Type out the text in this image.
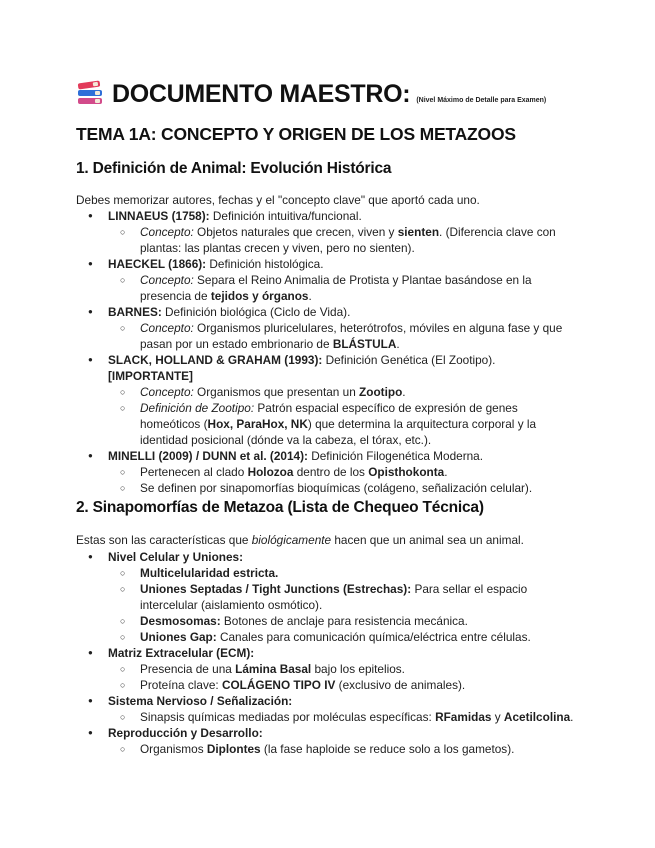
DOCUMENTO MAESTRO: (Nivel Máximo de Detalle para Examen)
TEMA 1A: CONCEPTO Y ORIGEN DE LOS METAZOOS
1. Definición de Animal: Evolución Histórica

Debes memorizar autores, fechas y el "concepto clave" que aportó cada uno.

● LINNAEUS (1758): Definición intuitiva/funcional.
○ Concepto: Objetos naturales que crecen, viven y sienten. (Diferencia clave con plantas: las plantas crecen y viven, pero no sienten).
● HAECKEL (1866): Definición histológica.
○ Concepto: Separa el Reino Animalia de Protista y Plantae basándose en la presencia de tejidos y órganos.
● BARNES: Definición biológica (Ciclo de Vida).
○ Concepto: Organismos pluricelulares, heterótrofos, móviles en alguna fase y que pasan por un estado embrionario de BLÁSTULA.
● SLACK, HOLLAND & GRAHAM (1993): Definición Genética (El Zootipo).
[IMPORTANTE]
○ Concepto: Organismos que presentan un Zootipo.
○ Definición de Zootipo: Patrón espacial específico de expresión de genes homeóticos (Hox, ParaHox, NK) que determina la arquitectura corporal y la identidad posicional (dónde va la cabeza, el tórax, etc.).
● MINELLI (2009) / DUNN et al. (2014): Definición Filogenética Moderna.
○ Pertenecen al clado Holozoa dentro de los Opisthokonta.
○ Se definen por sinapomorfías bioquímicas (colágeno, señalización celular).
2. Sinapomorfías de Metazoa (Lista de Chequeo Técnica)

Estas son las características que biológicamente hacen que un animal sea un animal.

● Nivel Celular y Uniones:
○ Multicelularidad estricta.
○ Uniones Septadas / Tight Junctions (Estrechas): Para sellar el espacio intercelular (aislamiento osmótico).
○ Desmosomas: Botones de anclaje para resistencia mecánica.
○ Uniones Gap: Canales para comunicación química/eléctrica entre células.
● Matriz Extracelular (ECM):
○ Presencia de una Lámina Basal bajo los epitelios.
○ Proteína clave: COLÁGENO TIPO IV (exclusivo de animales).
● Sistema Nervioso / Señalización:
○ Sinapsis químicas mediadas por moléculas específicas: RFamidas y Acetilcolina.
● Reproducción y Desarrollo:
○ Organismos Diplontes (la fase haploide se reduce solo a los gametos).
